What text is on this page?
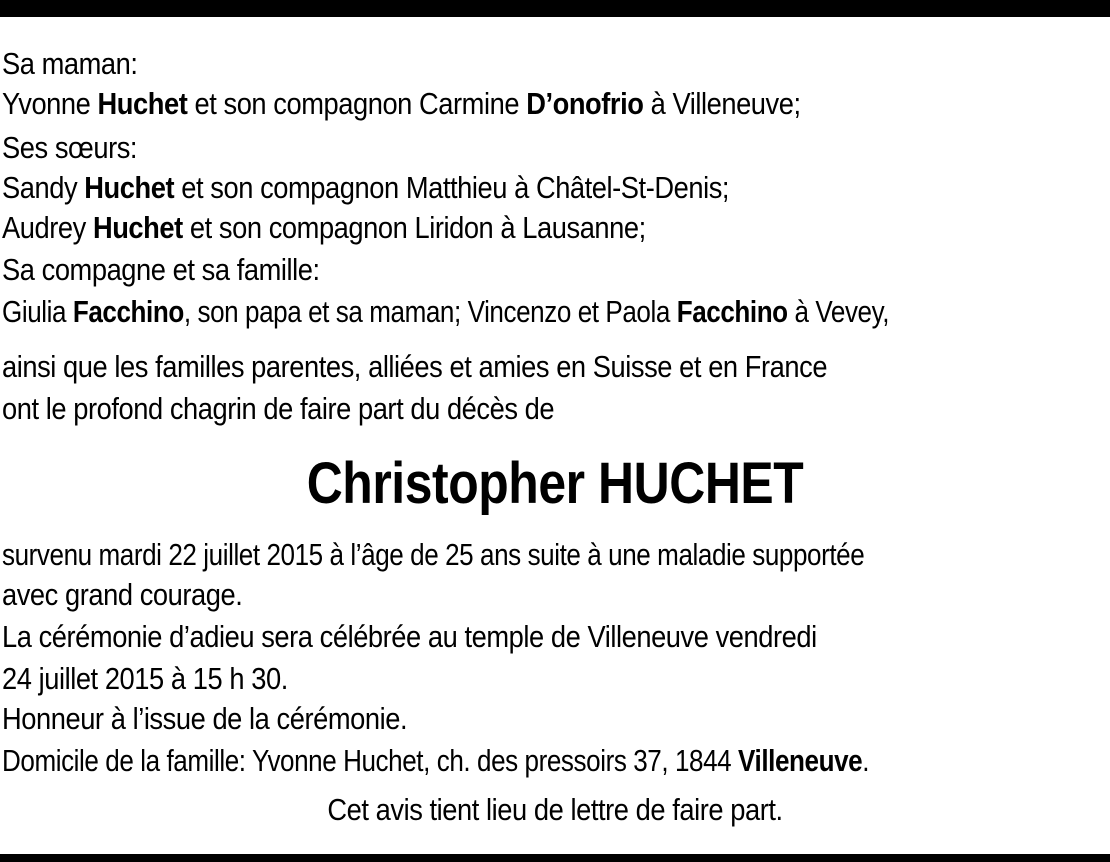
Sa maman:
Yvonne Huchet et son compagnon Carmine D’onofrio à Villeneuve;
Ses sœurs:
Sandy Huchet et son compagnon Matthieu à Châtel-St-Denis;
Audrey Huchet et son compagnon Liridon à Lausanne;
Sa compagne et sa famille:
Giulia Facchino, son papa et sa maman; Vincenzo et Paola Facchino à Vevey,
ainsi que les familles parentes, alliées et amies en Suisse et en France
ont le profond chagrin de faire part du décès de
Christopher HUCHET
survenu mardi 22 juillet 2015 à l’âge de 25 ans suite à une maladie supportée
avec grand courage.
La cérémonie d’adieu sera célébrée au temple de Villeneuve vendredi
24 juillet 2015 à 15 h 30.
Honneur à l’issue de la cérémonie.
Domicile de la famille: Yvonne Huchet, ch. des pressoirs 37, 1844 Villeneuve.
Cet avis tient lieu de lettre de faire part.
